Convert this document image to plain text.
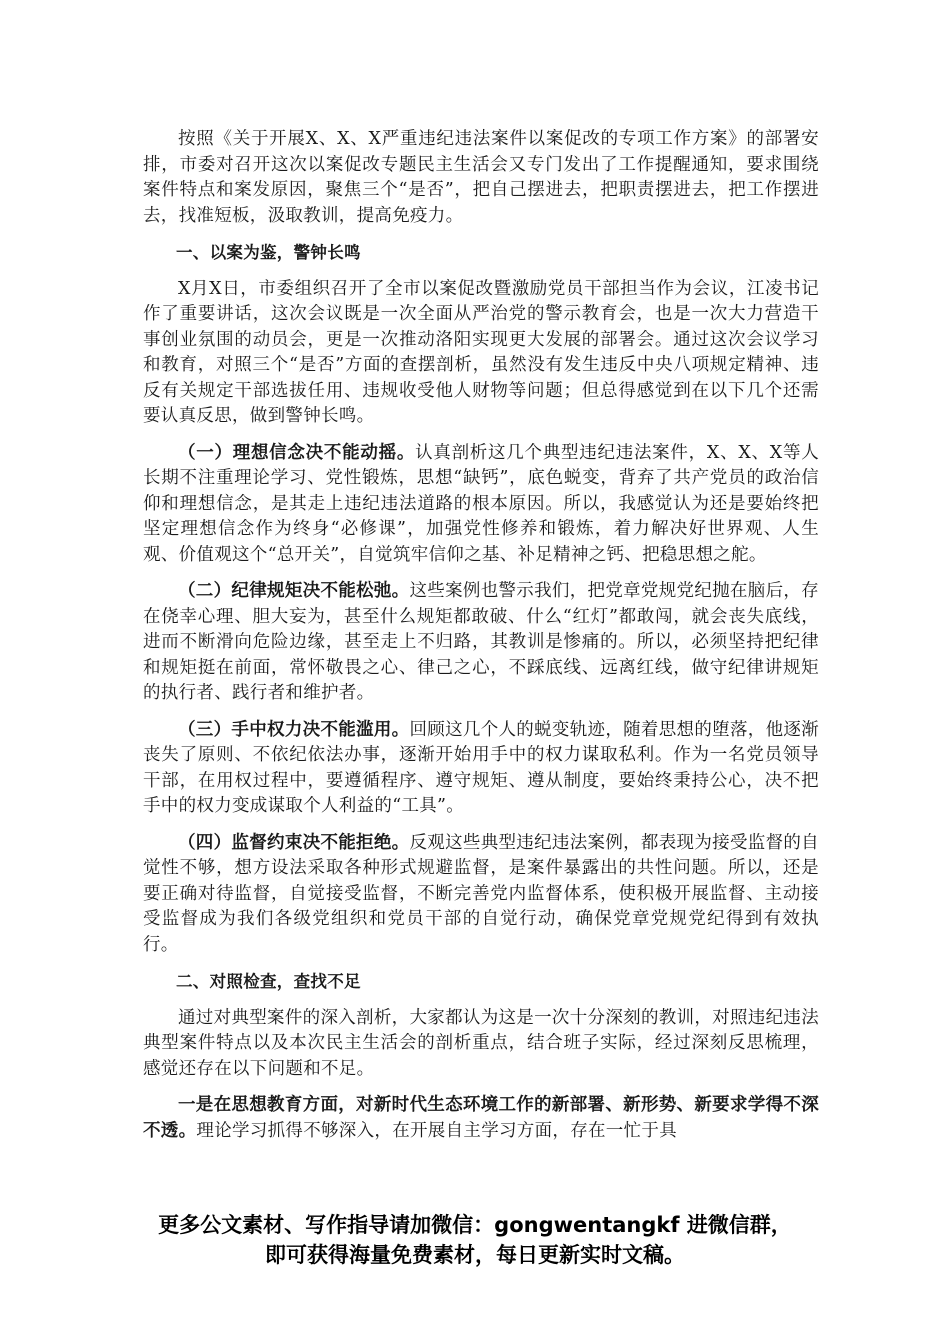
按照《关于开展X、X、X严重违纪违法案件以案促改的专项工作方案》的部署安排，市委对召开这次以案促改专题民主生活会又专门发出了工作提醒通知，要求围绕案件特点和案发原因，聚焦三个“是否”，把自己摆进去，把职责摆进去，把工作摆进去，找准短板，汲取教训，提高免疫力。

一、以案为鉴，警钟长鸣

X月X日，市委组织召开了全市以案促改暨激励党员干部担当作为会议，江凌书记作了重要讲话，这次会议既是一次全面从严治党的警示教育会，也是一次大力营造干事创业氛围的动员会，更是一次推动洛阳实现更大发展的部署会。通过这次会议学习和教育，对照三个“是否”方面的查摆剖析，虽然没有发生违反中央八项规定精神、违反有关规定干部选拔任用、违规收受他人财物等问题；但总得感觉到在以下几个还需要认真反思，做到警钟长鸣。

（一）理想信念决不能动摇。认真剖析这几个典型违纪违法案件，X、X、X等人长期不注重理论学习、党性锻炼，思想“缺钙”，底色蜕变，背弃了共产党员的政治信仰和理想信念，是其走上违纪违法道路的根本原因。所以，我感觉认为还是要始终把坚定理想信念作为终身“必修课”，加强党性修养和锻炼，着力解决好世界观、人生观、价值观这个“总开关”，自觉筑牢信仰之基、补足精神之钙、把稳思想之舵。

（二）纪律规矩决不能松弛。这些案例也警示我们，把党章党规党纪抛在脑后，存在侥幸心理、胆大妄为，甚至什么规矩都敢破、什么“红灯”都敢闯，就会丧失底线，进而不断滑向危险边缘，甚至走上不归路，其教训是惨痛的。所以，必须坚持把纪律和规矩挺在前面，常怀敬畏之心、律己之心，不踩底线、远离红线，做守纪律讲规矩的执行者、践行者和维护者。

（三）手中权力决不能滥用。回顾这几个人的蜕变轨迹，随着思想的堕落，他逐渐丧失了原则、不依纪依法办事，逐渐开始用手中的权力谋取私利。作为一名党员领导干部，在用权过程中，要遵循程序、遵守规矩、遵从制度，要始终秉持公心，决不把手中的权力变成谋取个人利益的“工具”。

（四）监督约束决不能拒绝。反观这些典型违纪违法案例，都表现为接受监督的自觉性不够，想方设法采取各种形式规避监督，是案件暴露出的共性问题。所以，还是要正确对待监督，自觉接受监督，不断完善党内监督体系，使积极开展监督、主动接受监督成为我们各级党组织和党员干部的自觉行动，确保党章党规党纪得到有效执行。

二、对照检查，查找不足

通过对典型案件的深入剖析，大家都认为这是一次十分深刻的教训，对照违纪违法典型案件特点以及本次民主生活会的剖析重点，结合班子实际，经过深刻反思梳理，感觉还存在以下问题和不足。

一是在思想教育方面，对新时代生态环境工作的新部署、新形势、新要求学得不深不透。理论学习抓得不够深入，在开展自主学习方面，存在一忙于具

更多公文素材、写作指导请加微信：gongwentangkf 进微信群，
即可获得海量免费素材，每日更新实时文稿。
